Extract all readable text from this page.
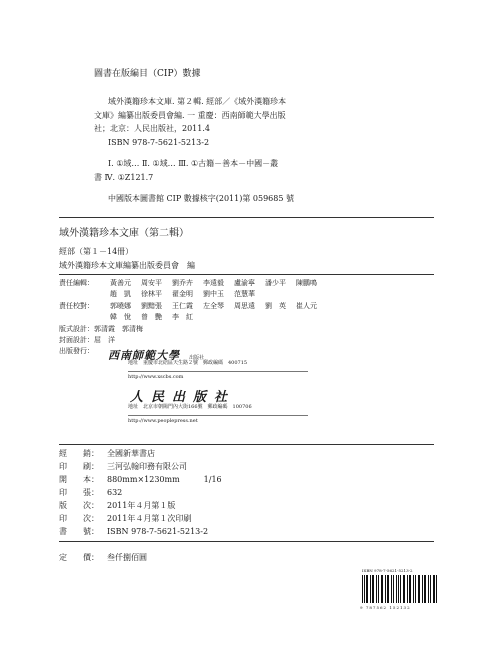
圖書在版編目（CIP）數據
域外漢籍珍本文庫. 第２輯. 經部／《域外漢籍珍本
文庫》編纂出版委員會編. 一 重慶：西南師範大學出版
社；北京：人民出版社，2011.4
ISBN 978-7-5621-5213-2
Ⅰ. ①域… Ⅱ. ①域… Ⅲ. ①古籍－善本－中國－叢
書 Ⅳ. ①Z121.7
中國版本圖書館 CIP 數據核字(2011)第 059685 號
域外漢籍珍本文庫（第二輯）
經部（第１－14冊）
域外漢籍珍本文庫編纂出版委員會　編
責任編輯： 黃善元 周安平 劉乔卉 李遠毅 盧渝寧 潘少平 陳鵬鳴
趙　凱 徐林平 翟金明 劉中玉 范慧華
責任校對： 郭曉娜 劉黯張 王仁霞 左全琴 周思遠 劉　英 崔人元
韓　悅 曾　艷 李　紅
版式設計：郭清霞　郭清梅
封面設計：屈　洋
出版發行： 西南師範大學 出版社
地址　重慶市北碚區天生路２號　郵政編碼　400715
http://www.xscbs.com
人民出版社
地址　北京市朝陽門內大街166號　郵政編碼　100706
http://www.peoplepress.net
經　　銷： 全國新華書店
印　　刷： 三河弘翰印務有限公司
開　　本： 880mm×1230mm　　　1/16
印　　張： 632
版　　次： 2011年４月第１版
印　　次： 2011年４月第１次印刷
書　　號： ISBN 978-7-5621-5213-2
定　　價： 叁仟捌佰圓
ISBN 978-7-5621-5213-2
9 787562 152132
